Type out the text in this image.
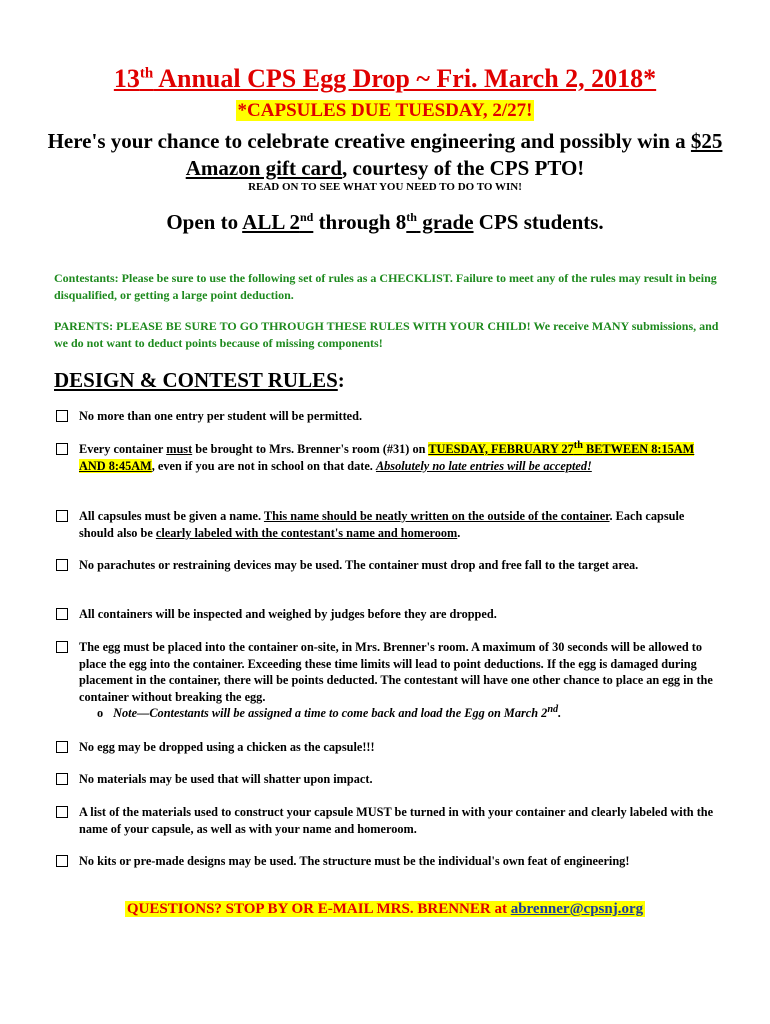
13th Annual CPS Egg Drop ~ Fri. March 2, 2018*
*CAPSULES DUE TUESDAY, 2/27!
Here's your chance to celebrate creative engineering and possibly win a $25 Amazon gift card, courtesy of the CPS PTO!
READ ON TO SEE WHAT YOU NEED TO DO TO WIN!
Open to ALL 2nd through 8th grade CPS students.
Contestants: Please be sure to use the following set of rules as a CHECKLIST. Failure to meet any of the rules may result in being disqualified, or getting a large point deduction.
PARENTS: PLEASE BE SURE TO GO THROUGH THESE RULES WITH YOUR CHILD! We receive MANY submissions, and we do not want to deduct points because of missing components!
DESIGN & CONTEST RULES:
No more than one entry per student will be permitted.
Every container must be brought to Mrs. Brenner's room (#31) on TUESDAY, FEBRUARY 27th BETWEEN 8:15AM AND 8:45AM, even if you are not in school on that date. Absolutely no late entries will be accepted!
All capsules must be given a name. This name should be neatly written on the outside of the container. Each capsule should also be clearly labeled with the contestant's name and homeroom.
No parachutes or restraining devices may be used. The container must drop and free fall to the target area.
All containers will be inspected and weighed by judges before they are dropped.
The egg must be placed into the container on-site, in Mrs. Brenner's room. A maximum of 30 seconds will be allowed to place the egg into the container. Exceeding these time limits will lead to point deductions. If the egg is damaged during placement in the container, there will be points deducted. The contestant will have one other chance to place an egg in the container without breaking the egg.
o Note—Contestants will be assigned a time to come back and load the Egg on March 2nd.
No egg may be dropped using a chicken as the capsule!!!
No materials may be used that will shatter upon impact.
A list of the materials used to construct your capsule MUST be turned in with your container and clearly labeled with the name of your capsule, as well as with your name and homeroom.
No kits or pre-made designs may be used. The structure must be the individual's own feat of engineering!
QUESTIONS? STOP BY OR E-MAIL MRS. BRENNER at abrenner@cpsnj.org
